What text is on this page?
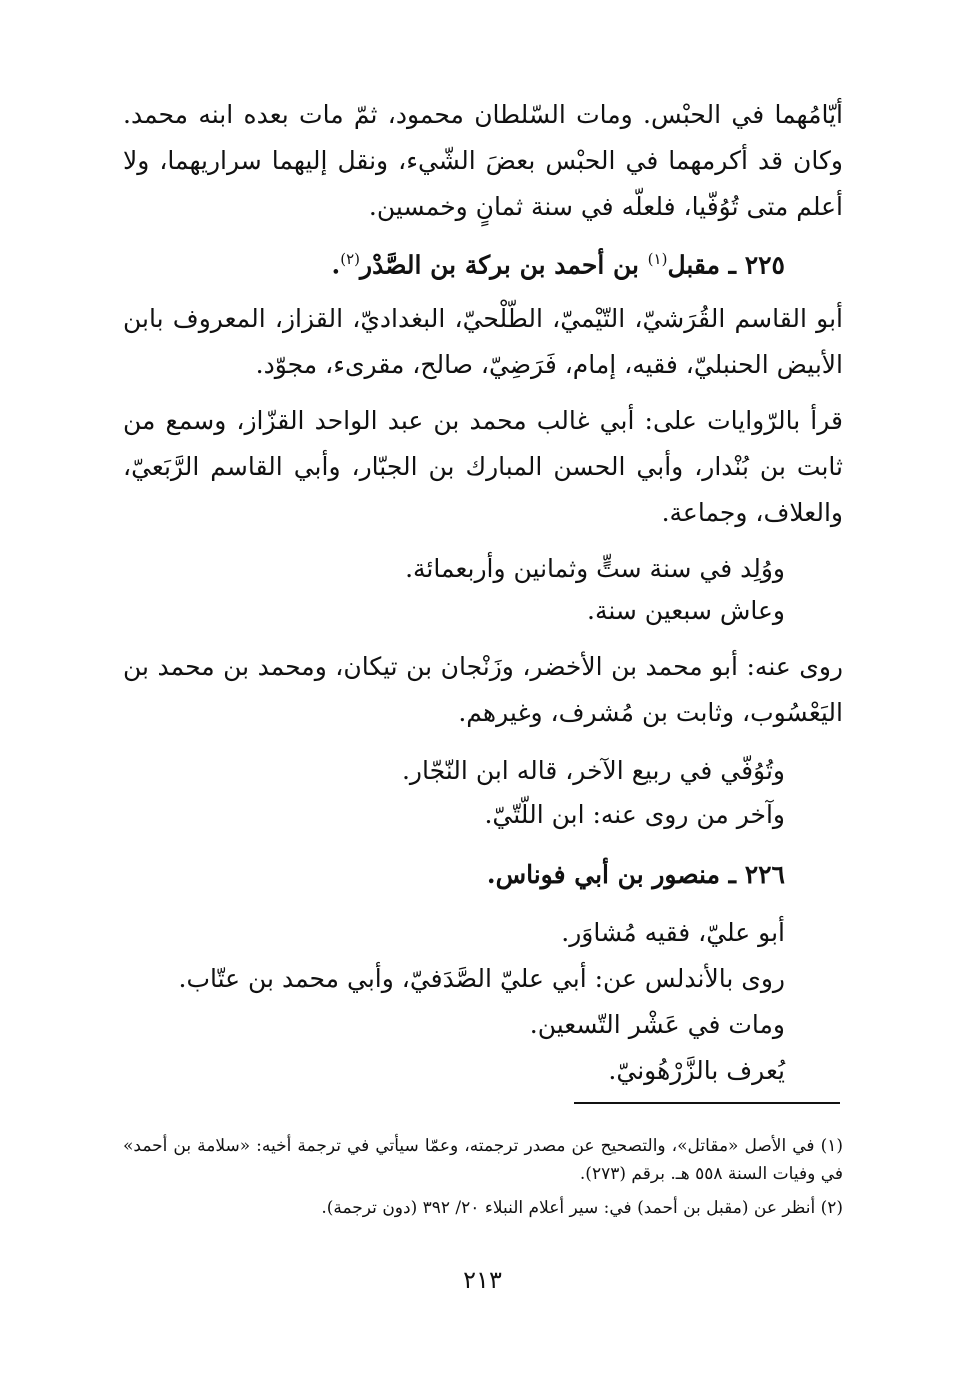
أيّامُهما في الحبْس. ومات السّلطان محمود، ثمّ مات بعده ابنه محمد. وكان قد أكرمهما في الحبْس بعضَ الشّيء، ونقل إليهما سراريهما، ولا أعلم متى تُوُفّيا، فلعلّه في سنة ثمانٍ وخمسين.

٢٢٥ ـ مقبل$^{(١)}$ بن أحمد بن بركة بن الصَّدْر$^{(٢)}$.

أبو القاسم القُرَشيّ، التّيْميّ، الطّلْحيّ، البغداديّ، القزاز، المعروف بابن الأبيض الحنبليّ، فقيه، إمام، فَرَضِيّ، صالح، مقرىء، مجوّد.

قرأ بالرّوايات على: أبي غالب محمد بن عبد الواحد القزّاز، وسمع من ثابت بن بُنْدار، وأبي الحسن المبارك بن الجبّار، وأبي القاسم الرَّبَعيّ، والعلاف، وجماعة.

ووُلِد في سنة ستٍّ وثمانين وأربعمائة.
وعاش سبعين سنة.

روى عنه: أبو محمد بن الأخضر، وزَنْجان بن تيكان، ومحمد بن محمد بن اليَعْسُوب، وثابت بن مُشرف، وغيرهم.

وتُوُفّي في ربيع الآخر، قاله ابن النّجّار.
وآخر من روى عنه: ابن اللّتّيّ.
٢٢٦ ـ منصور بن أبي فوناس.
أبو عليّ، فقيه مُشاوَر.
روى بالأندلس عن: أبي عليّ الصَّدَفيّ، وأبي محمد بن عتّاب.
ومات في عَشْر التّسعين.
يُعرف بالزَّرْهُونيّ.

(١) في الأصل «مقاتل»، والتصحيح عن مصدر ترجمته، وعمّا سيأتي في ترجمة أخيه: «سلامة بن أحمد» في وفيات السنة ٥٥٨ هـ. برقم (٢٧٣).

(٢) أنظر عن (مقبل بن أحمد) في: سير أعلام النبلاء ٢٠/ ٣٩٢ (دون ترجمة).

٢١٣
